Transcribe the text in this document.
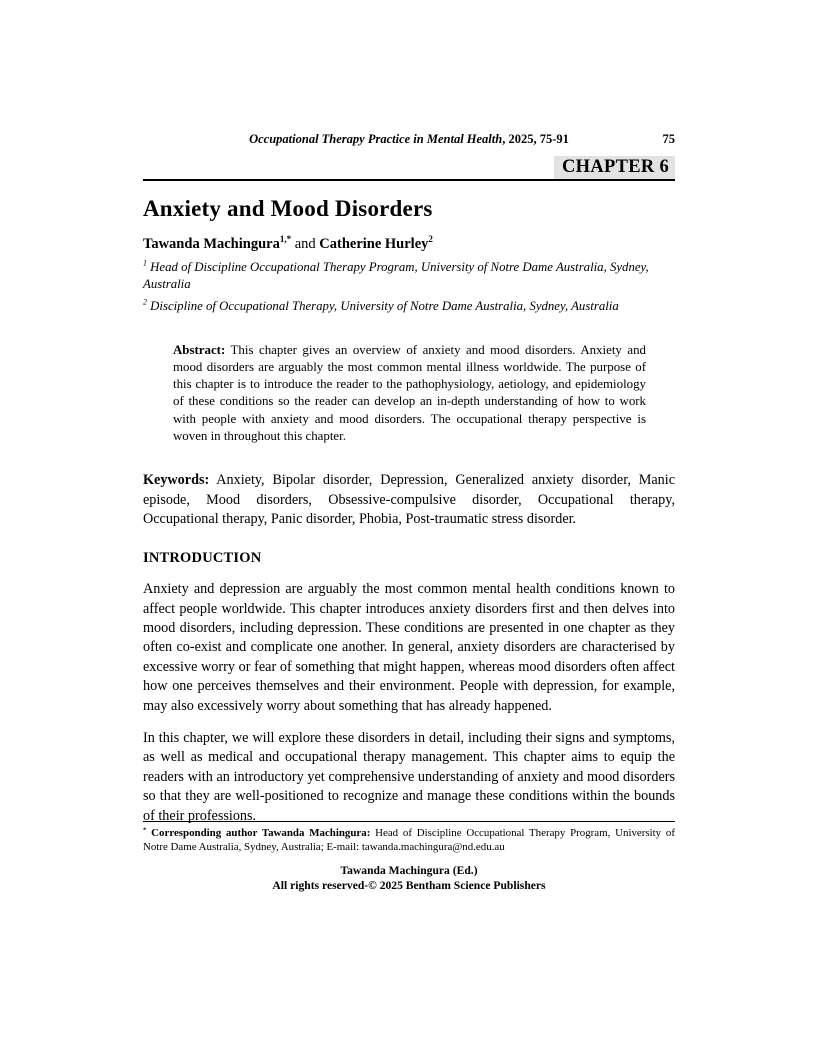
Occupational Therapy Practice in Mental Health, 2025, 75-91	75
CHAPTER 6
Anxiety and Mood Disorders
Tawanda Machingura$^{1,*}$ and Catherine Hurley$^2$
$^1$ Head of Discipline Occupational Therapy Program, University of Notre Dame Australia, Sydney, Australia
$^2$ Discipline of Occupational Therapy, University of Notre Dame Australia, Sydney, Australia
Abstract: This chapter gives an overview of anxiety and mood disorders. Anxiety and mood disorders are arguably the most common mental illness worldwide. The purpose of this chapter is to introduce the reader to the pathophysiology, aetiology, and epidemiology of these conditions so the reader can develop an in-depth understanding of how to work with people with anxiety and mood disorders. The occupational therapy perspective is woven in throughout this chapter.
Keywords: Anxiety, Bipolar disorder, Depression, Generalized anxiety disorder, Manic episode, Mood disorders, Obsessive-compulsive disorder, Occupational therapy, Occupational therapy, Panic disorder, Phobia, Post-traumatic stress disorder.
INTRODUCTION

Anxiety and depression are arguably the most common mental health conditions known to affect people worldwide. This chapter introduces anxiety disorders first and then delves into mood disorders, including depression. These conditions are presented in one chapter as they often co-exist and complicate one another. In general, anxiety disorders are characterised by excessive worry or fear of something that might happen, whereas mood disorders often affect how one perceives themselves and their environment. People with depression, for example, may also excessively worry about something that has already happened.

In this chapter, we will explore these disorders in detail, including their signs and symptoms, as well as medical and occupational therapy management. This chapter aims to equip the readers with an introductory yet comprehensive understanding of anxiety and mood disorders so that they are well-positioned to recognize and manage these conditions within the bounds of their professions.

* Corresponding author Tawanda Machingura: Head of Discipline Occupational Therapy Program, University of Notre Dame Australia, Sydney, Australia; E-mail: tawanda.machingura@nd.edu.au
Tawanda Machingura (Ed.)
All rights reserved-© 2025 Bentham Science Publishers
